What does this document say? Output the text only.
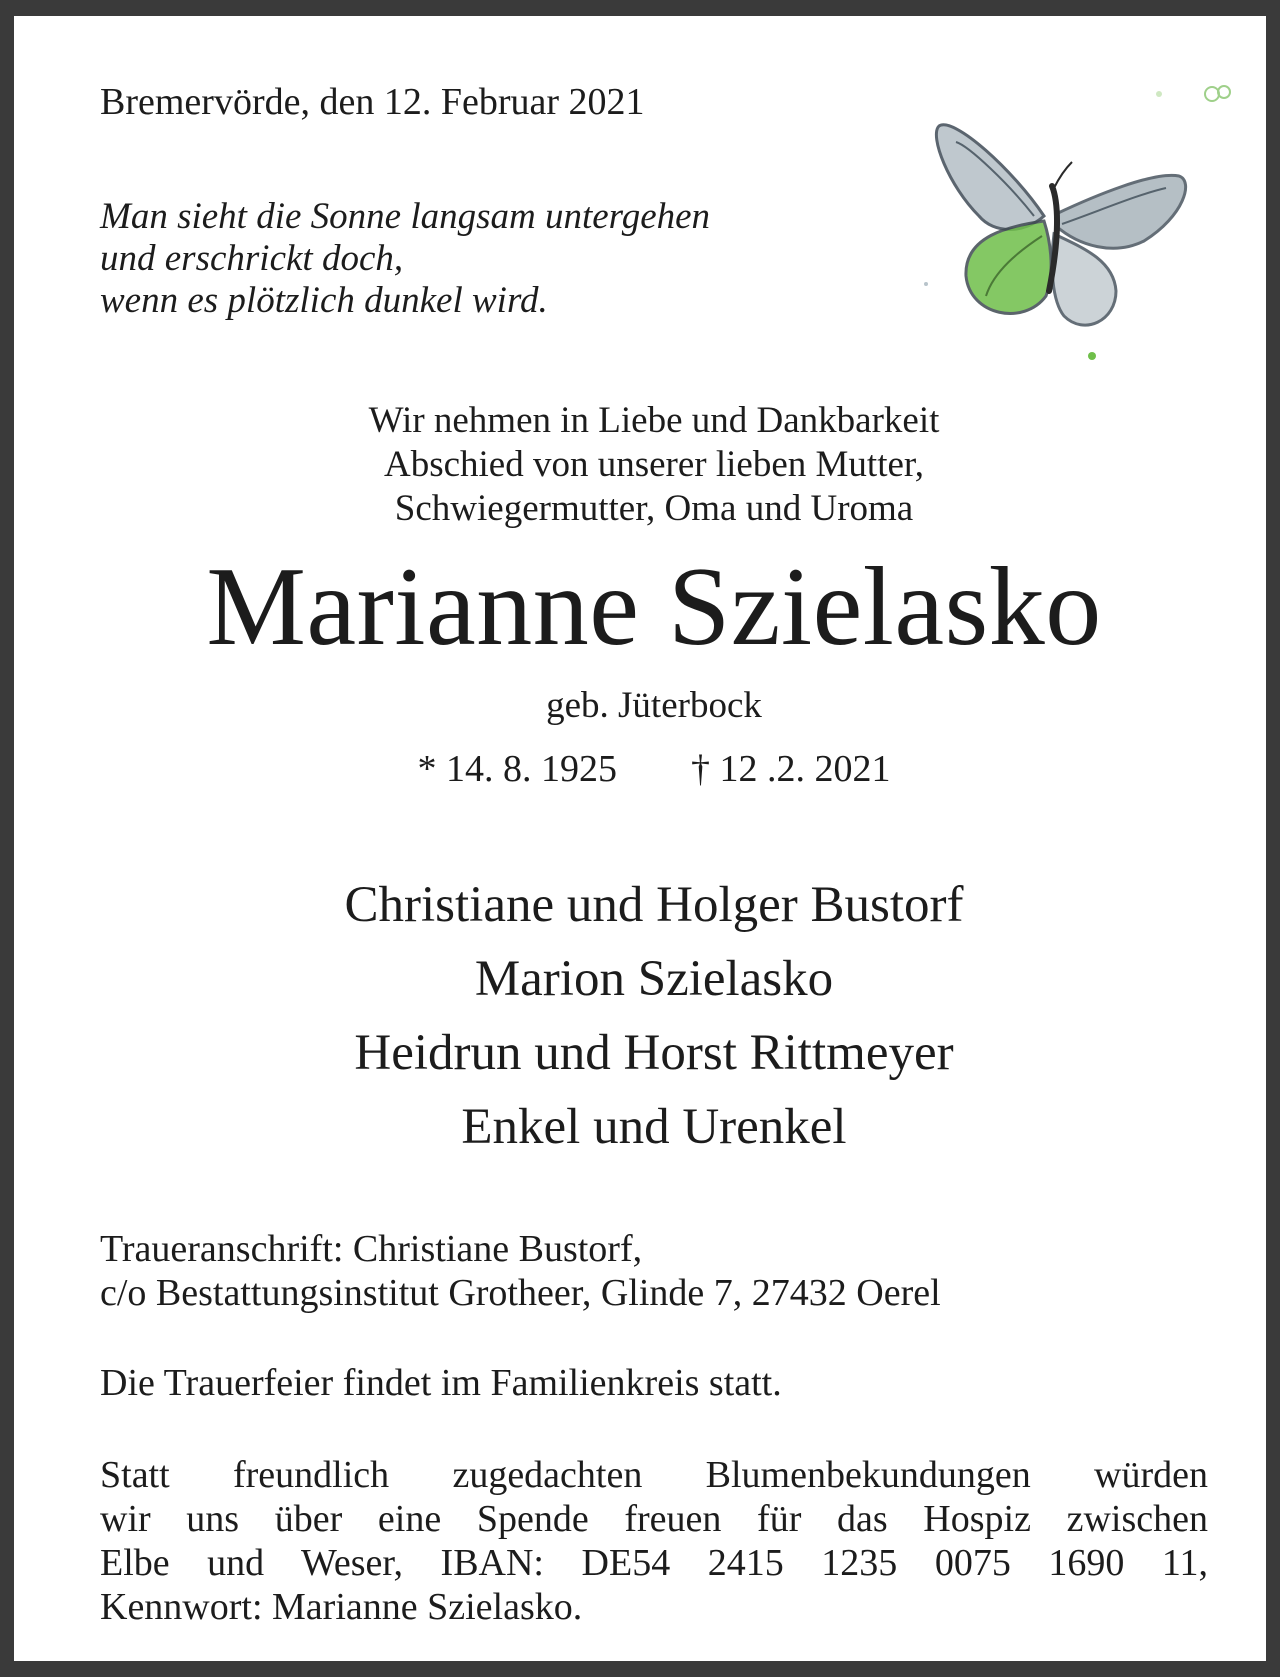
Bremervörde, den 12. Februar 2021

Man sieht die Sonne langsam untergehen
und erschrickt doch,
wenn es plötzlich dunkel wird.
Wir nehmen in Liebe und Dankbarkeit
Abschied von unserer lieben Mutter,
Schwiegermutter, Oma und Uroma
Marianne Szielasko

geb. Jüterbock

* 14. 8. 1925 † 12 .2. 2021

Christiane und Holger Bustorf
Marion Szielasko
Heidrun und Horst Rittmeyer
Enkel und Urenkel
Traueranschrift: Christiane Bustorf,
c/o Bestattungsinstitut Grotheer, Glinde 7, 27432 Oerel

Die Trauerfeier findet im Familienkreis statt.

Statt freundlich zugedachten Blumenbekundungen würden
wir uns über eine Spende freuen für das Hospiz zwischen
Elbe und Weser, IBAN: DE54 2415 1235 0075 1690 11,
Kennwort: Marianne Szielasko.
